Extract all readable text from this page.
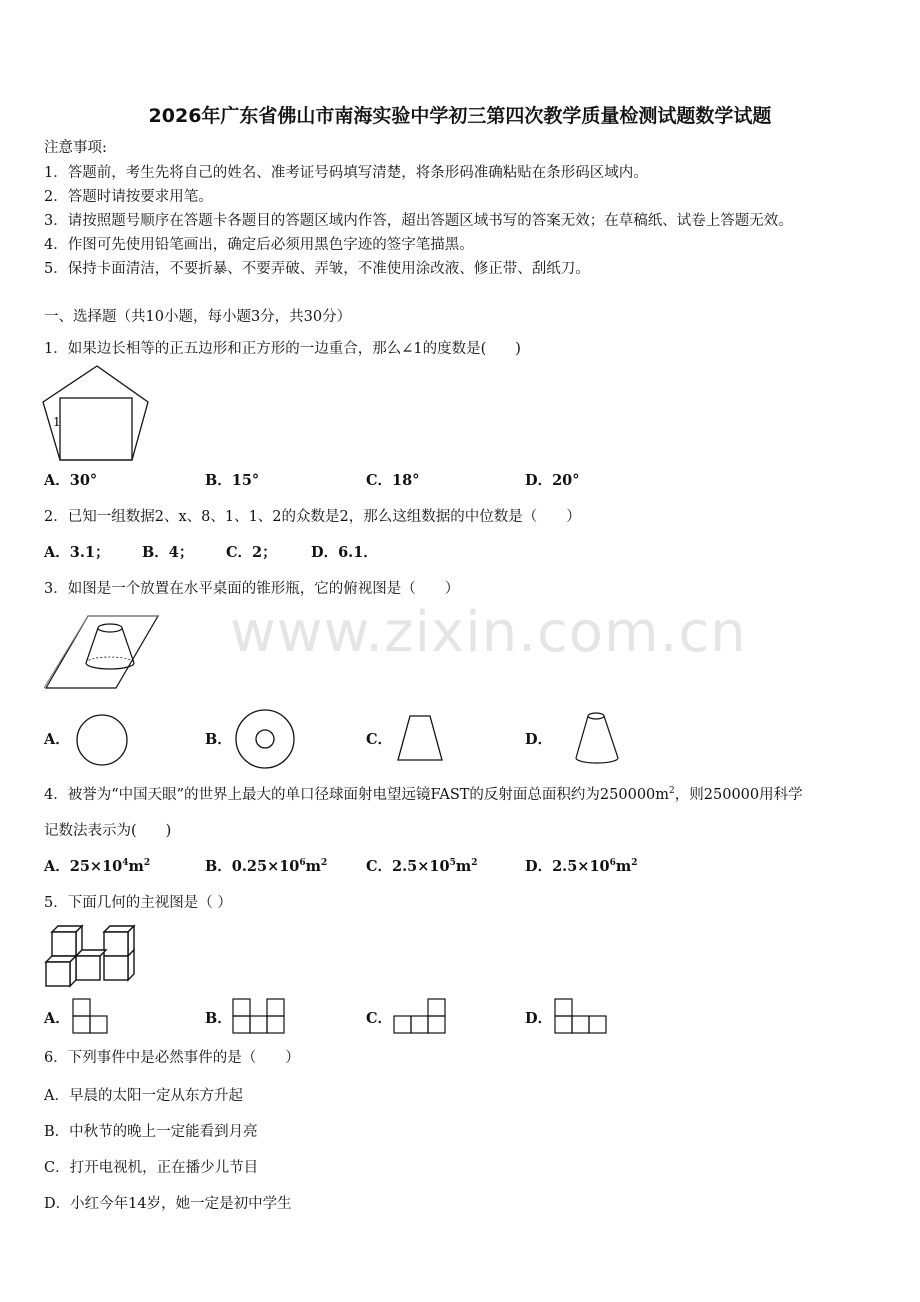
www.zixin.com.cn
2026年广东省佛山市南海实验中学初三第四次教学质量检测试题数学试题
注意事项:
1．答题前，考生先将自己的姓名、准考证号码填写清楚，将条形码准确粘贴在条形码区域内。
2．答题时请按要求用笔。
3．请按照题号顺序在答题卡各题目的答题区域内作答，超出答题区域书写的答案无效；在草稿纸、试卷上答题无效。
4．作图可先使用铅笔画出，确定后必须用黑色字迹的签字笔描黑。
5．保持卡面清洁，不要折暴、不要弄破、弄皱，不准使用涂改液、修正带、刮纸刀。
一、选择题（共10小题，每小题3分，共30分）
1．如果边长相等的正五边形和正方形的一边重合，那么∠1的度数是(　　)
1
A．30°	B．15°	C．18°	D．20°
2．已知一组数据2、x、8、1、1、2的众数是2，那么这组数据的中位数是（　　）
A．3.1； B．4； C．2； D．6.1．
3．如图是一个放置在水平桌面的锥形瓶，它的俯视图是（　　）
A．	B．	C．	D．
4．被誉为“中国天眼”的世界上最大的单口径球面射电望远镜FAST的反射面总面积约为$250000m^2$，则250000用科学
记数法表示为(　　)
A．$25\times 10^4m^2$	B．$0.25\times 10^6m^2$	C．$2.5\times 10^5m^2$	D．$2.5\times 10^6m^2$
5．下面几何的主视图是（ ）
A．	B．	C．	D．
6．下列事件中是必然事件的是（　　）
A．早晨的太阳一定从东方升起
B．中秋节的晚上一定能看到月亮
C．打开电视机，正在播少儿节目
D．小红今年14岁，她一定是初中学生
